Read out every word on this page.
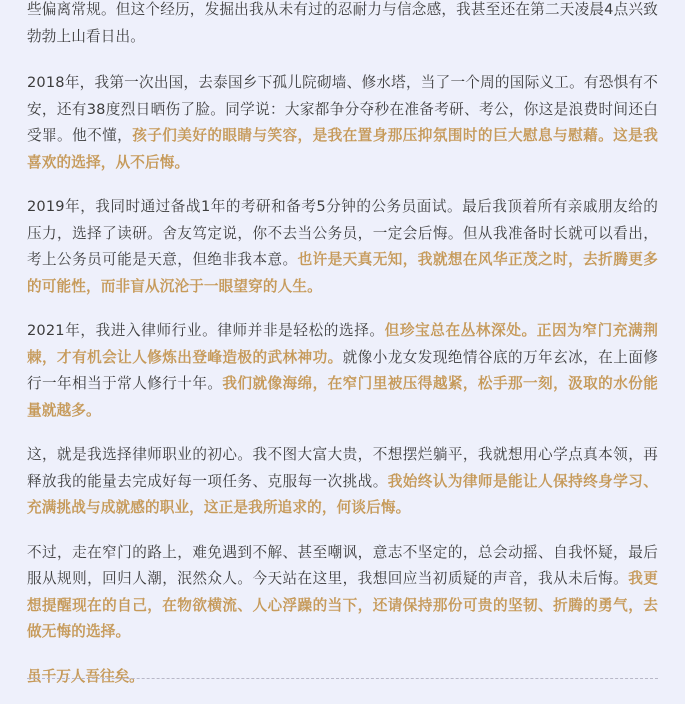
些偏离常规。但这个经历，发掘出我从未有过的忍耐力与信念感，我甚至还在第二天凌晨4点兴致勃勃上山看日出。

2018年，我第一次出国，去泰国乡下孤儿院砌墙、修水塔，当了一个周的国际义工。有恐惧有不安，还有38度烈日晒伤了脸。同学说：大家都争分夺秒在准备考研、考公，你这是浪费时间还白受罪。他不懂，孩子们美好的眼睛与笑容，是我在置身那压抑氛围时的巨大慰息与慰藉。这是我喜欢的选择，从不后悔。

2019年，我同时通过备战1年的考研和备考5分钟的公务员面试。最后我顶着所有亲戚朋友给的压力，选择了读研。舍友笃定说，你不去当公务员，一定会后悔。但从我准备时长就可以看出，考上公务员可能是天意，但绝非我本意。也许是天真无知，我就想在风华正茂之时，去折腾更多的可能性，而非盲从沉沦于一眼望穿的人生。

2021年，我进入律师行业。律师并非是轻松的选择。但珍宝总在丛林深处。正因为窄门充满荆棘，才有机会让人修炼出登峰造极的武林神功。就像小龙女发现绝情谷底的万年玄冰，在上面修行一年相当于常人修行十年。我们就像海绵，在窄门里被压得越紧，松手那一刻，汲取的水份能量就越多。

这，就是我选择律师职业的初心。我不图大富大贵，不想摆烂躺平，我就想用心学点真本领，再释放我的能量去完成好每一项任务、克服每一次挑战。我始终认为律师是能让人保持终身学习、充满挑战与成就感的职业，这正是我所追求的，何谈后悔。

不过，走在窄门的路上，难免遇到不解、甚至嘲讽，意志不坚定的，总会动摇、自我怀疑，最后服从规则，回归人潮，泯然众人。今天站在这里，我想回应当初质疑的声音，我从未后悔。我更想提醒现在的自己，在物欲横流、人心浮躁的当下，还请保持那份可贵的坚韧、折腾的勇气，去做无悔的选择。

虽千万人吾往矣。
